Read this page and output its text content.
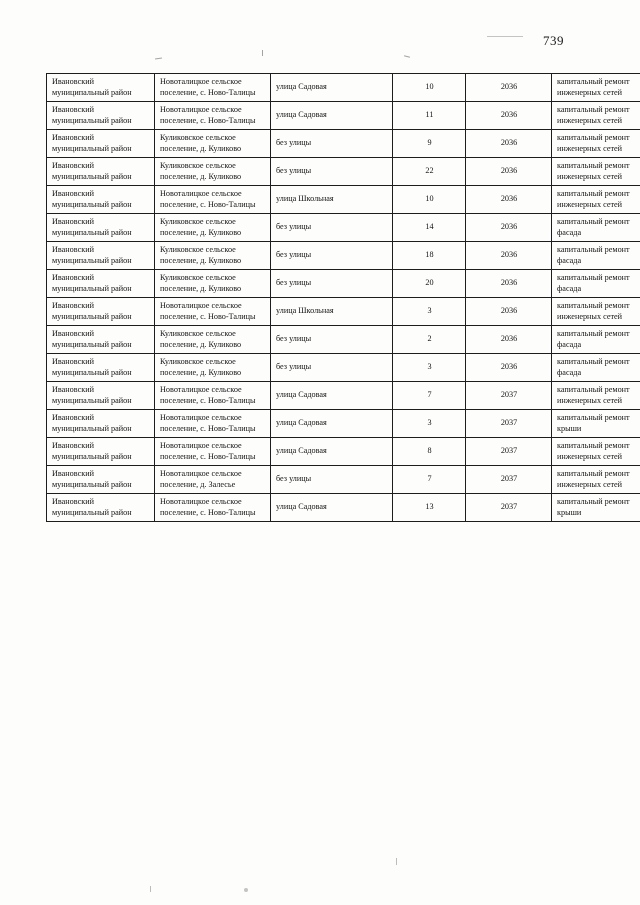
739
Ивановский муниципальный район	Новоталицкое сельское поселение, с. Ново-Талицы	улица Садовая	10	2036	капитальный ремонт инженерных сетей
Ивановский муниципальный район	Новоталицкое сельское поселение, с. Ново-Талицы	улица Садовая	11	2036	капитальный ремонт инженерных сетей
Ивановский муниципальный район	Куликовское сельское поселение, д. Куликово	без улицы	9	2036	капитальный ремонт инженерных сетей
Ивановский муниципальный район	Куликовское сельское поселение, д. Куликово	без улицы	22	2036	капитальный ремонт инженерных сетей
Ивановский муниципальный район	Новоталицкое сельское поселение, с. Ново-Талицы	улица Школьная	10	2036	капитальный ремонт инженерных сетей
Ивановский муниципальный район	Куликовское сельское поселение, д. Куликово	без улицы	14	2036	капитальный ремонт фасада
Ивановский муниципальный район	Куликовское сельское поселение, д. Куликово	без улицы	18	2036	капитальный ремонт фасада
Ивановский муниципальный район	Куликовское сельское поселение, д. Куликово	без улицы	20	2036	капитальный ремонт фасада
Ивановский муниципальный район	Новоталицкое сельское поселение, с. Ново-Талицы	улица Школьная	3	2036	капитальный ремонт инженерных сетей
Ивановский муниципальный район	Куликовское сельское поселение, д. Куликово	без улицы	2	2036	капитальный ремонт фасада
Ивановский муниципальный район	Куликовское сельское поселение, д. Куликово	без улицы	3	2036	капитальный ремонт фасада
Ивановский муниципальный район	Новоталицкое сельское поселение, с. Ново-Талицы	улица Садовая	7	2037	капитальный ремонт инженерных сетей
Ивановский муниципальный район	Новоталицкое сельское поселение, с. Ново-Талицы	улица Садовая	3	2037	капитальный ремонт крыши
Ивановский муниципальный район	Новоталицкое сельское поселение, с. Ново-Талицы	улица Садовая	8	2037	капитальный ремонт инженерных сетей
Ивановский муниципальный район	Новоталицкое сельское поселение, д. Залесье	без улицы	7	2037	капитальный ремонт инженерных сетей
Ивановский муниципальный район	Новоталицкое сельское поселение, с. Ново-Талицы	улица Садовая	13	2037	капитальный ремонт крыши
